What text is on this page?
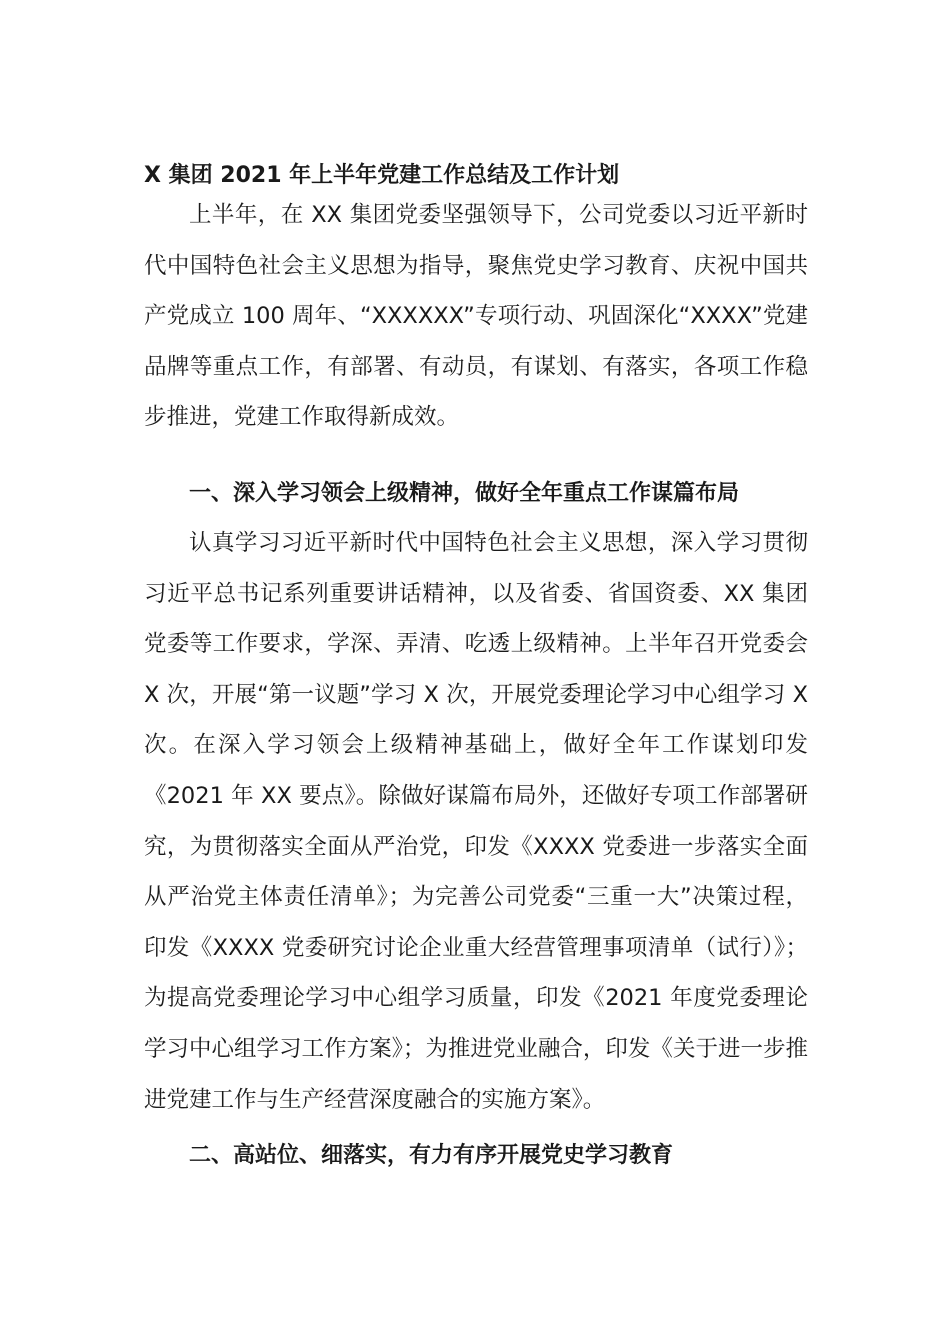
X 集团 2021 年上半年党建工作总结及工作计划

上半年，在 XX 集团党委坚强领导下，公司党委以习近平新时代中国特色社会主义思想为指导，聚焦党史学习教育、庆祝中国共产党成立 100 周年、“XXXXXX”专项行动、巩固深化“XXXX”党建品牌等重点工作，有部署、有动员，有谋划、有落实，各项工作稳步推进，党建工作取得新成效。

一、深入学习领会上级精神，做好全年重点工作谋篇布局

认真学习习近平新时代中国特色社会主义思想，深入学习贯彻习近平总书记系列重要讲话精神，以及省委、省国资委、XX 集团党委等工作要求，学深、弄清、吃透上级精神。上半年召开党委会 X 次，开展“第一议题”学习 X 次，开展党委理论学习中心组学习 X 次。在深入学习领会上级精神基础上，做好全年工作谋划印发《2021 年 XX 要点》。除做好谋篇布局外，还做好专项工作部署研究，为贯彻落实全面从严治党，印发《XXXX 党委进一步落实全面从严治党主体责任清单》；为完善公司党委“三重一大”决策过程，印发《XXXX 党委研究讨论企业重大经营管理事项清单（试行）》；为提高党委理论学习中心组学习质量，印发《2021 年度党委理论学习中心组学习工作方案》；为推进党业融合，印发《关于进一步推进党建工作与生产经营深度融合的实施方案》。

二、高站位、细落实，有力有序开展党史学习教育
